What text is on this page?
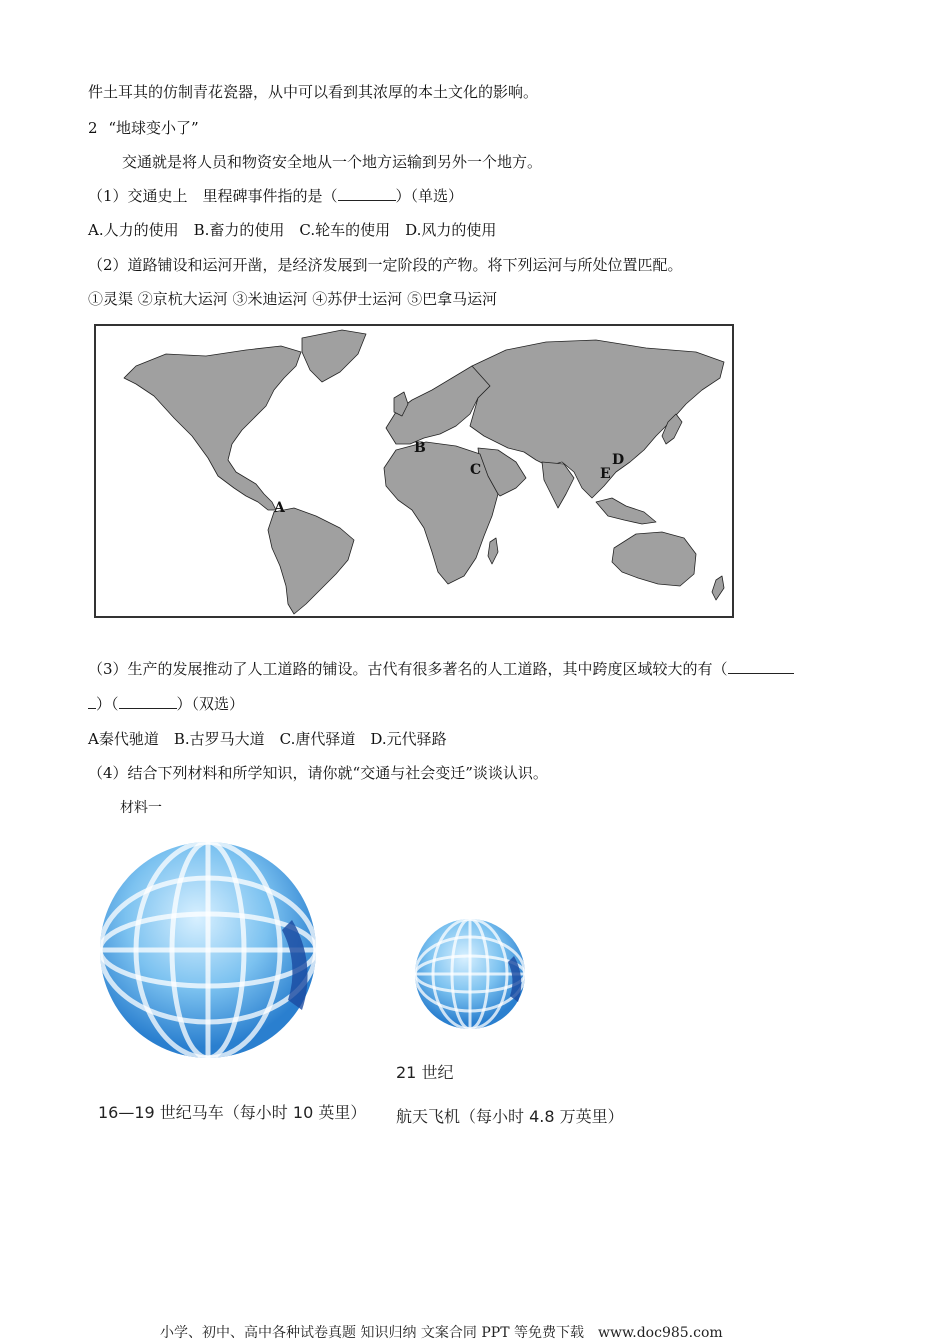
件土耳其的仿制青花瓷器，从中可以看到其浓厚的本土文化的影响。
2 “地球变小了”
交通就是将人员和物资安全地从一个地方运输到另外一个地方。
（1）交通史上　里程碑事件指的是（	）（单选）
A.人力的使用　B.畜力的使用　C.轮车的使用　D.风力的使用
（2）道路铺设和运河开凿，是经济发展到一定阶段的产物。将下列运河与所处位置匹配。
①灵渠 ②京杭大运河 ③米迪运河 ④苏伊士运河 ⑤巴拿马运河
A
B
C
D
E
（3）生产的发展推动了人工道路的铺设。古代有很多著名的人工道路，其中跨度区域较大的有（
）（	）（双选）
A秦代驰道　B.古罗马大道　C.唐代驿道　D.元代驿路
（4）结合下列材料和所学知识，请你就“交通与社会变迁”谈谈认识。
材料一
16—19 世纪马车（每小时 10 英里）
21 世纪
航天飞机（每小时 4.8 万英里）
小学、初中、高中各种试卷真题 知识归纳 文案合同 PPT 等免费下载 www.doc985.com
